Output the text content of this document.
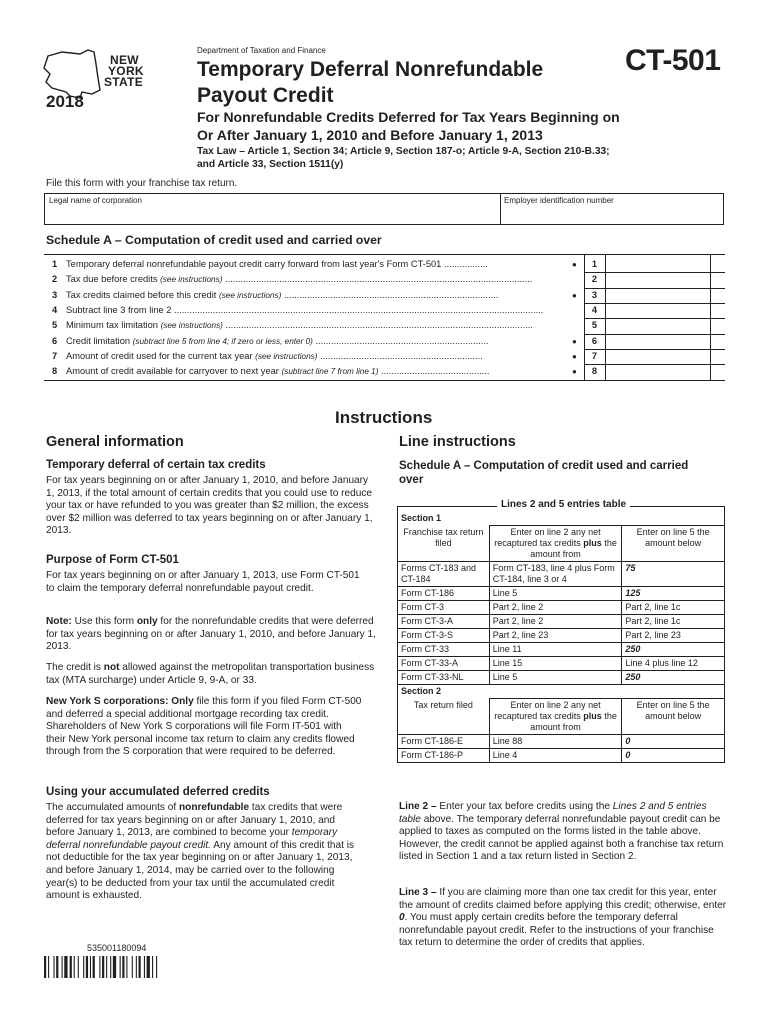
NEW
YORK
STATE
2018
Department of Taxation and Finance
Temporary Deferral Nonrefundable
Payout Credit
CT-501
For Nonrefundable Credits Deferred for Tax Years Beginning on
Or After January 1, 2010 and Before January 1, 2013
Tax Law – Article 1, Section 34; Article 9, Section 187-o; Article 9-A, Section 210-B.33;
and Article 33, Section 1511(y)
File this form with your franchise tax return.
Legal name of corporation	Employer identification number
Schedule A – Computation of credit used and carried over
1 Temporary deferral nonrefundable payout credit carry forward from last year's Form CT-501 .................	●	1
2 Tax due before credits (see instructions) .......................................................................................................................	2
3 Tax credits claimed before this credit (see instructions) ...................................................................................	●	3
4 Subtract line 3 from line 2 ...............................................................................................................................................	4
5 Minimum tax limitation (see instructions) .......................................................................................................................	5
6 Credit limitation (subtract line 5 from line 4; if zero or less, enter 0) ...................................................................	●	6
7 Amount of credit used for the current tax year (see instructions) ...............................................................	●	7
8 Amount of credit available for carryover to next year (subtract line 7 from line 1) ..........................................	●	8
Instructions
General information
Temporary deferral of certain tax credits
For tax years beginning on or after January 1, 2010, and before January 1, 2013, if the total amount of certain credits that you could use to reduce your tax or have refunded to you was greater than $2 million, the excess over $2 million was deferred to tax years beginning on or after January 1, 2013.
Purpose of Form CT-501
For tax years beginning on or after January 1, 2013, use Form CT-501 to claim the temporary deferral nonrefundable payout credit.
Note: Use this form only for the nonrefundable credits that were deferred for tax years beginning on or after January 1, 2010, and before January 1, 2013.
The credit is not allowed against the metropolitan transportation business tax (MTA surcharge) under Article 9, 9-A, or 33.
New York S corporations: Only file this form if you filed Form CT-500 and deferred a special additional mortgage recording tax credit. Shareholders of New York S corporations will file Form IT-501 with their New York personal income tax return to claim any credits flowed through from the S corporation that were required to be deferred.
Using your accumulated deferred credits
The accumulated amounts of nonrefundable tax credits that were deferred for tax years beginning on or after January 1, 2010, and before January 1, 2013, are combined to become your temporary deferral nonrefundable payout credit. Any amount of this credit that is not deductible for the tax year beginning on or after January 1, 2013, and before January 1, 2014, may be carried over to the following year(s) to be deducted from your tax until the accumulated credit amount is exhausted.
Line instructions
Schedule A – Computation of credit used and carried
over
Section 1
Franchise tax return filed	Enter on line 2 any net recaptured tax credits plus the amount from	Enter on line 5 the amount below
Forms CT-183 and CT-184	Form CT-183, line 4 plus Form CT-184, line 3 or 4	75
Form CT-186	Line 5	125
Form CT-3	Part 2, line 2	Part 2, line 1c
Form CT-3-A	Part 2, line 2	Part 2, line 1c
Form CT-3-S	Part 2, line 23	Part 2, line 23
Form CT-33	Line 11	250
Form CT-33-A	Line 15	Line 4 plus line 12
Form CT-33-NL	Line 5	250
Section 2
Tax return filed	Enter on line 2 any net recaptured tax credits plus the amount from	Enter on line 5 the amount below
Form CT-186-E	Line 88	0
Form CT-186-P	Line 4	0
Lines 2 and 5 entries table
Line 2 – Enter your tax before credits using the Lines 2 and 5 entries table above. The temporary deferral nonrefundable payout credit can be applied to taxes as computed on the forms listed in the table above. However, the credit cannot be applied against both a franchise tax return listed in Section 1 and a tax return listed in Section 2.
Line 3 – If you are claiming more than one tax credit for this year, enter the amount of credits claimed before applying this credit; otherwise, enter 0. You must apply certain credits before the temporary deferral nonrefundable payout credit. Refer to the instructions of your franchise tax return to determine the order of credits that applies.
535001180094
